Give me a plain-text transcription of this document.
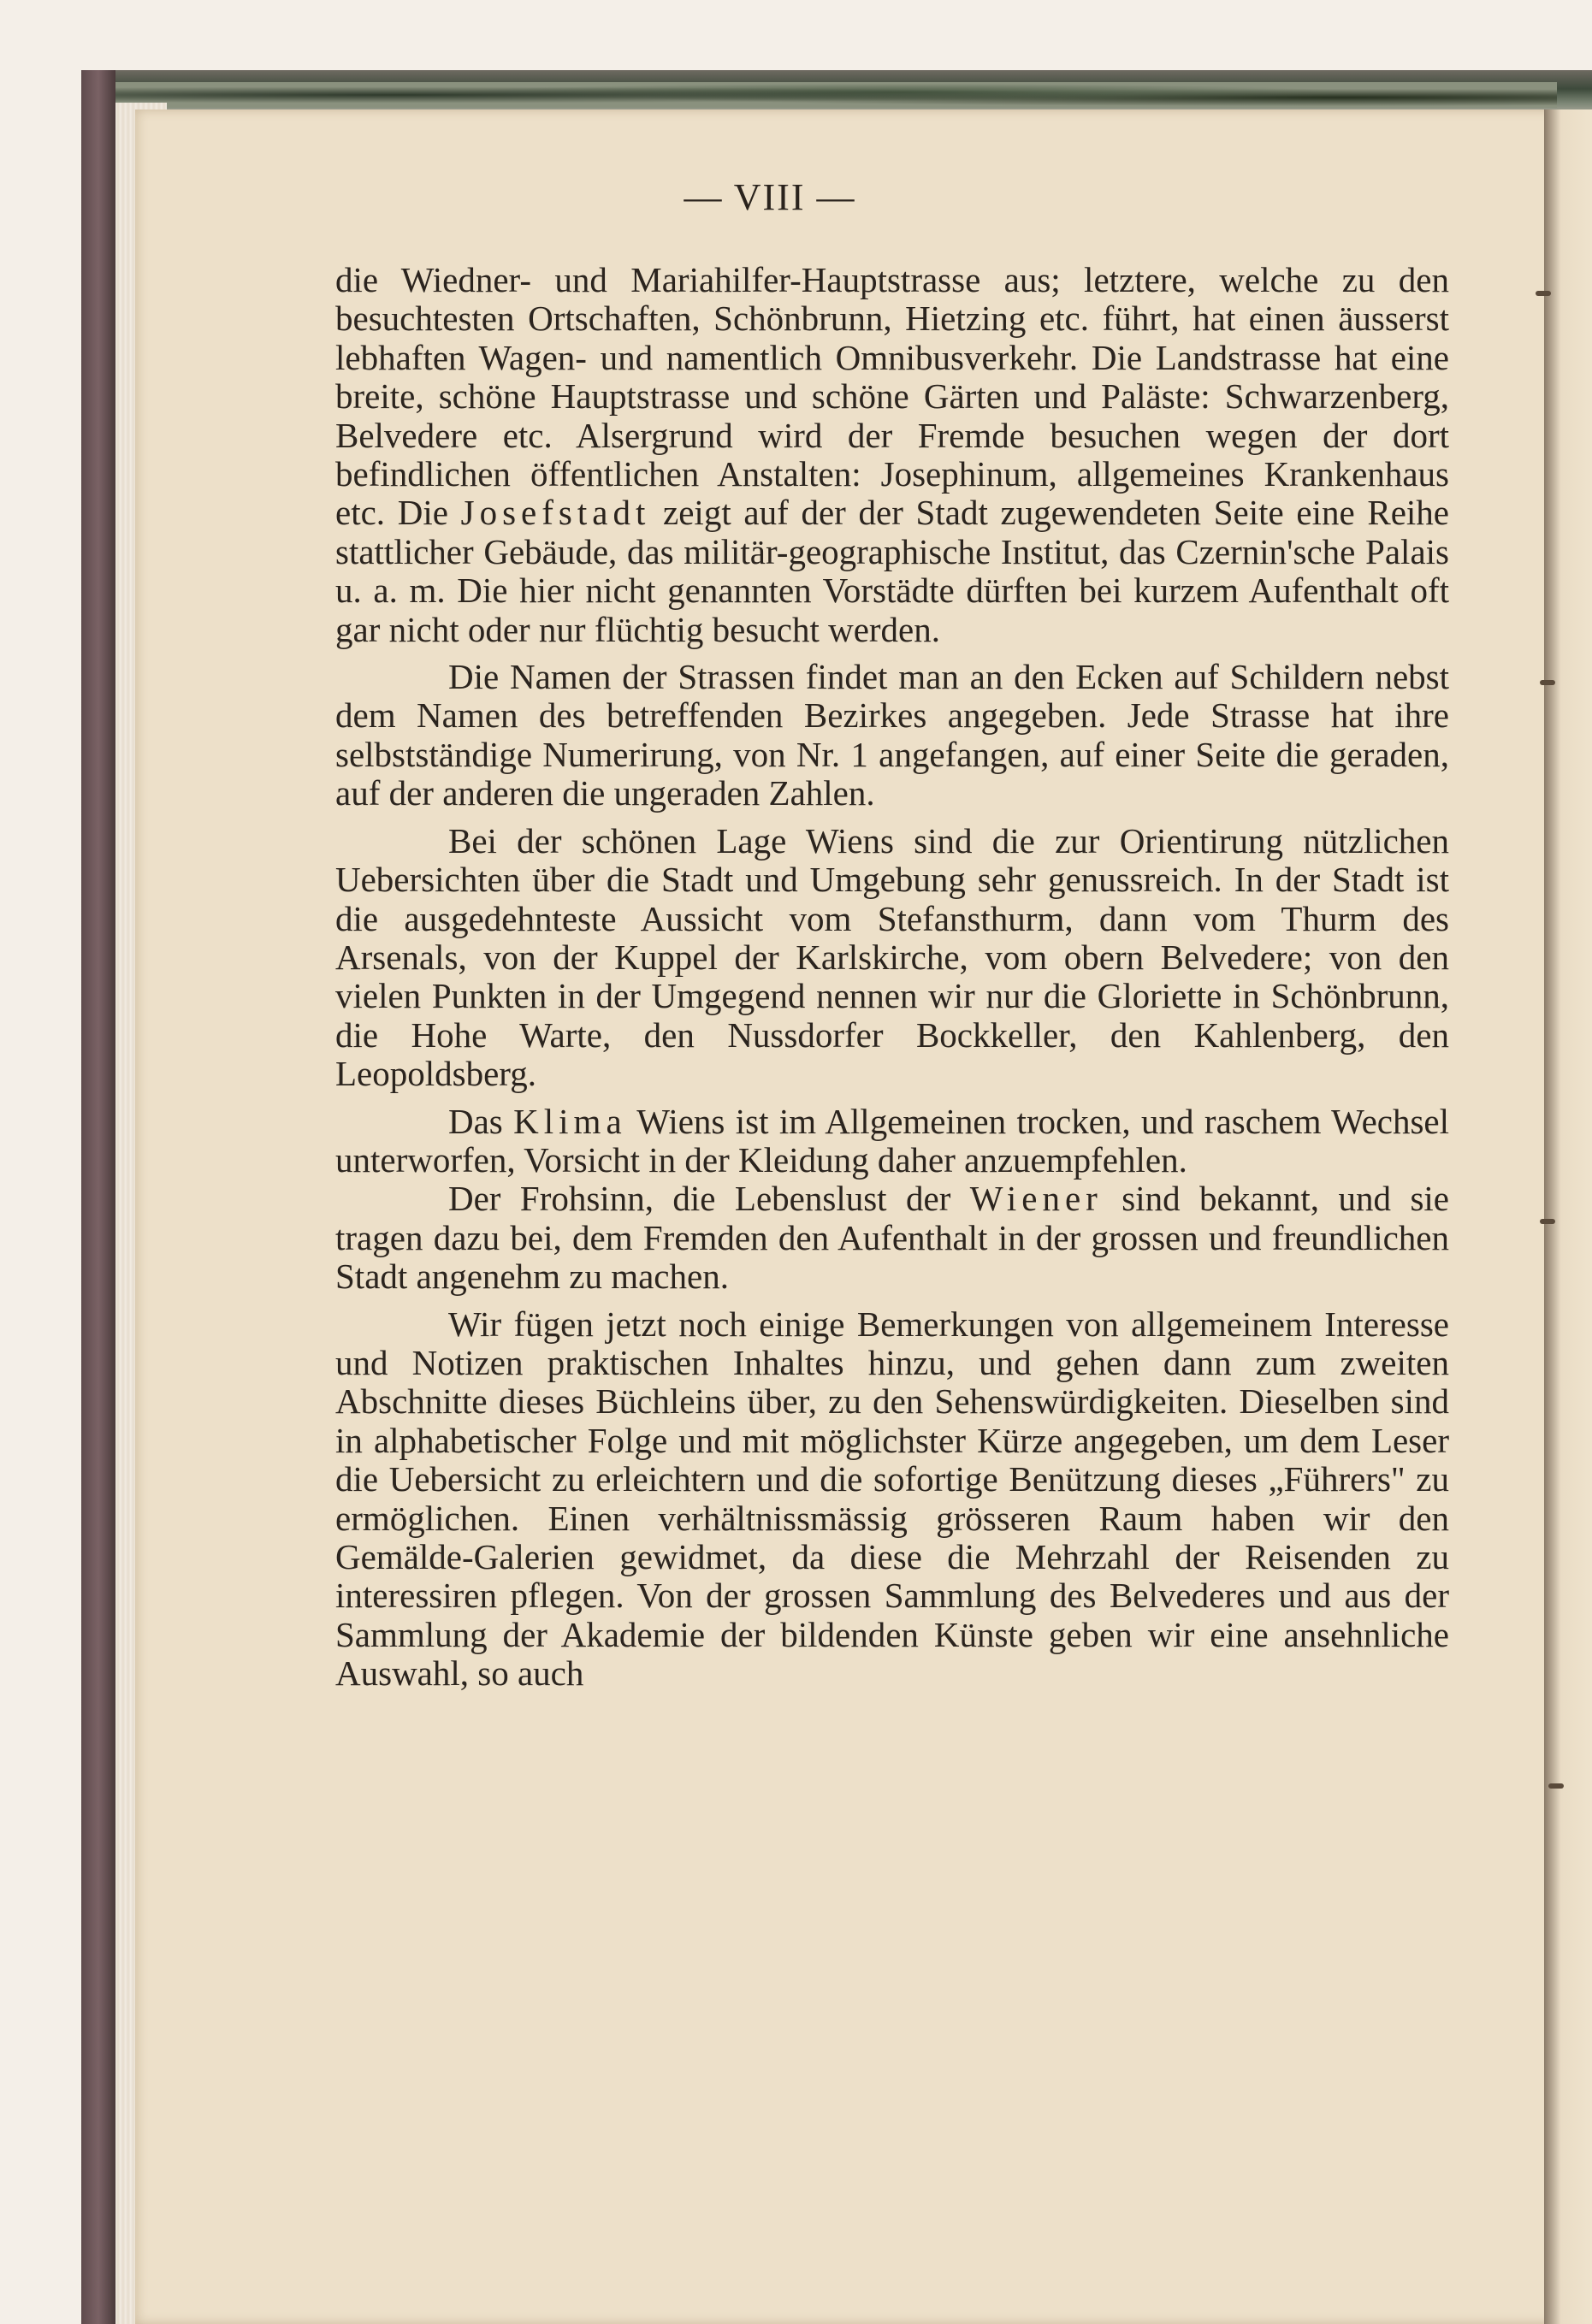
— VIII —

die Wiedner- und Mariahilfer-Hauptstrasse aus; letztere, welche zu den besuchtesten Ortschaften, Schönbrunn, Hietzing etc. führt, hat einen äusserst lebhaften Wagen- und namentlich Omnibusverkehr. Die Landstrasse hat eine breite, schöne Hauptstrasse und schöne Gärten und Paläste: Schwarzenberg, Belvedere etc. Alsergrund wird der Fremde besuchen wegen der dort befindlichen öffentlichen Anstalten: Josephinum, allgemeines Krankenhaus etc. Die Josefstadt zeigt auf der der Stadt zugewendeten Seite eine Reihe stattlicher Gebäude, das militär-geographische Institut, das Czernin'sche Palais u. a. m. Die hier nicht genannten Vorstädte dürften bei kurzem Aufenthalt oft gar nicht oder nur flüchtig besucht werden.

Die Namen der Strassen findet man an den Ecken auf Schildern nebst dem Namen des betreffenden Bezirkes angegeben. Jede Strasse hat ihre selbstständige Numerirung, von Nr. 1 angefangen, auf einer Seite die geraden, auf der anderen die ungeraden Zahlen.

Bei der schönen Lage Wiens sind die zur Orientirung nützlichen Uebersichten über die Stadt und Umgebung sehr genussreich. In der Stadt ist die ausgedehnteste Aussicht vom Stefansthurm, dann vom Thurm des Arsenals, von der Kuppel der Karlskirche, vom obern Belvedere; von den vielen Punkten in der Umgegend nennen wir nur die Gloriette in Schönbrunn, die Hohe Warte, den Nussdorfer Bockkeller, den Kahlenberg, den Leopoldsberg.

Das Klima Wiens ist im Allgemeinen trocken, und raschem Wechsel unterworfen, Vorsicht in der Kleidung daher anzuempfehlen.

Der Frohsinn, die Lebenslust der Wiener sind bekannt, und sie tragen dazu bei, dem Fremden den Aufenthalt in der grossen und freundlichen Stadt angenehm zu machen.

Wir fügen jetzt noch einige Bemerkungen von allgemeinem Interesse und Notizen praktischen Inhaltes hinzu, und gehen dann zum zweiten Abschnitte dieses Büchleins über, zu den Sehenswürdigkeiten. Dieselben sind in alphabetischer Folge und mit möglichster Kürze angegeben, um dem Leser die Uebersicht zu erleichtern und die sofortige Benützung dieses „Führers" zu ermöglichen. Einen verhältnissmässig grösseren Raum haben wir den Gemälde-Galerien gewidmet, da diese die Mehrzahl der Reisenden zu interessiren pflegen. Von der grossen Sammlung des Belvederes und aus der Sammlung der Akademie der bildenden Künste geben wir eine ansehnliche Auswahl, so auch
